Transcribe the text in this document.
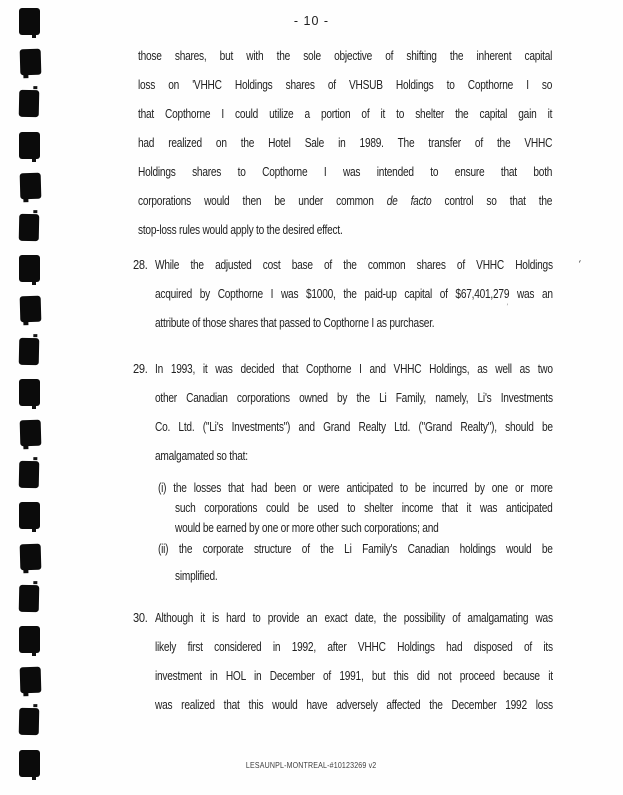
- 10 -
those shares, but with the sole objective of shifting the inherent capital
loss on 'VHHC Holdings shares of VHSUB Holdings to Copthorne I so
that Copthorne I could utilize a portion of it to shelter the capital gain it
had realized on the Hotel Sale in 1989. The transfer of the VHHC
Holdings shares to Copthorne I was intended to ensure that both
corporations would then be under common de facto control so that the
stop-loss rules would apply to the desired effect.
28. While the adjusted cost base of the common shares of VHHC Holdings
acquired by Copthorne I was $1000, the paid-up capital of $67,401,279 was an
attribute of those shares that passed to Copthorne I as purchaser.
29. In 1993, it was decided that Copthorne I and VHHC Holdings, as well as two
other Canadian corporations owned by the Li Family, namely, Li's Investments
Co. Ltd. ("Li's Investments") and Grand Realty Ltd. ("Grand Realty"), should be
amalgamated so that:
(i) the losses that had been or were anticipated to be incurred by one or more
such corporations could be used to shelter income that it was anticipated
would be earned by one or more other such corporations; and
(ii) the corporate structure of the Li Family's Canadian holdings would be
simplified.
30. Although it is hard to provide an exact date, the possibility of amalgamating was
likely first considered in 1992, after VHHC Holdings had disposed of its
investment in HOL in December of 1991, but this did not proceed because it
was realized that this would have adversely affected the December 1992 loss
LESAUNPL-MONTREAL-#10123269 v2
′
'
